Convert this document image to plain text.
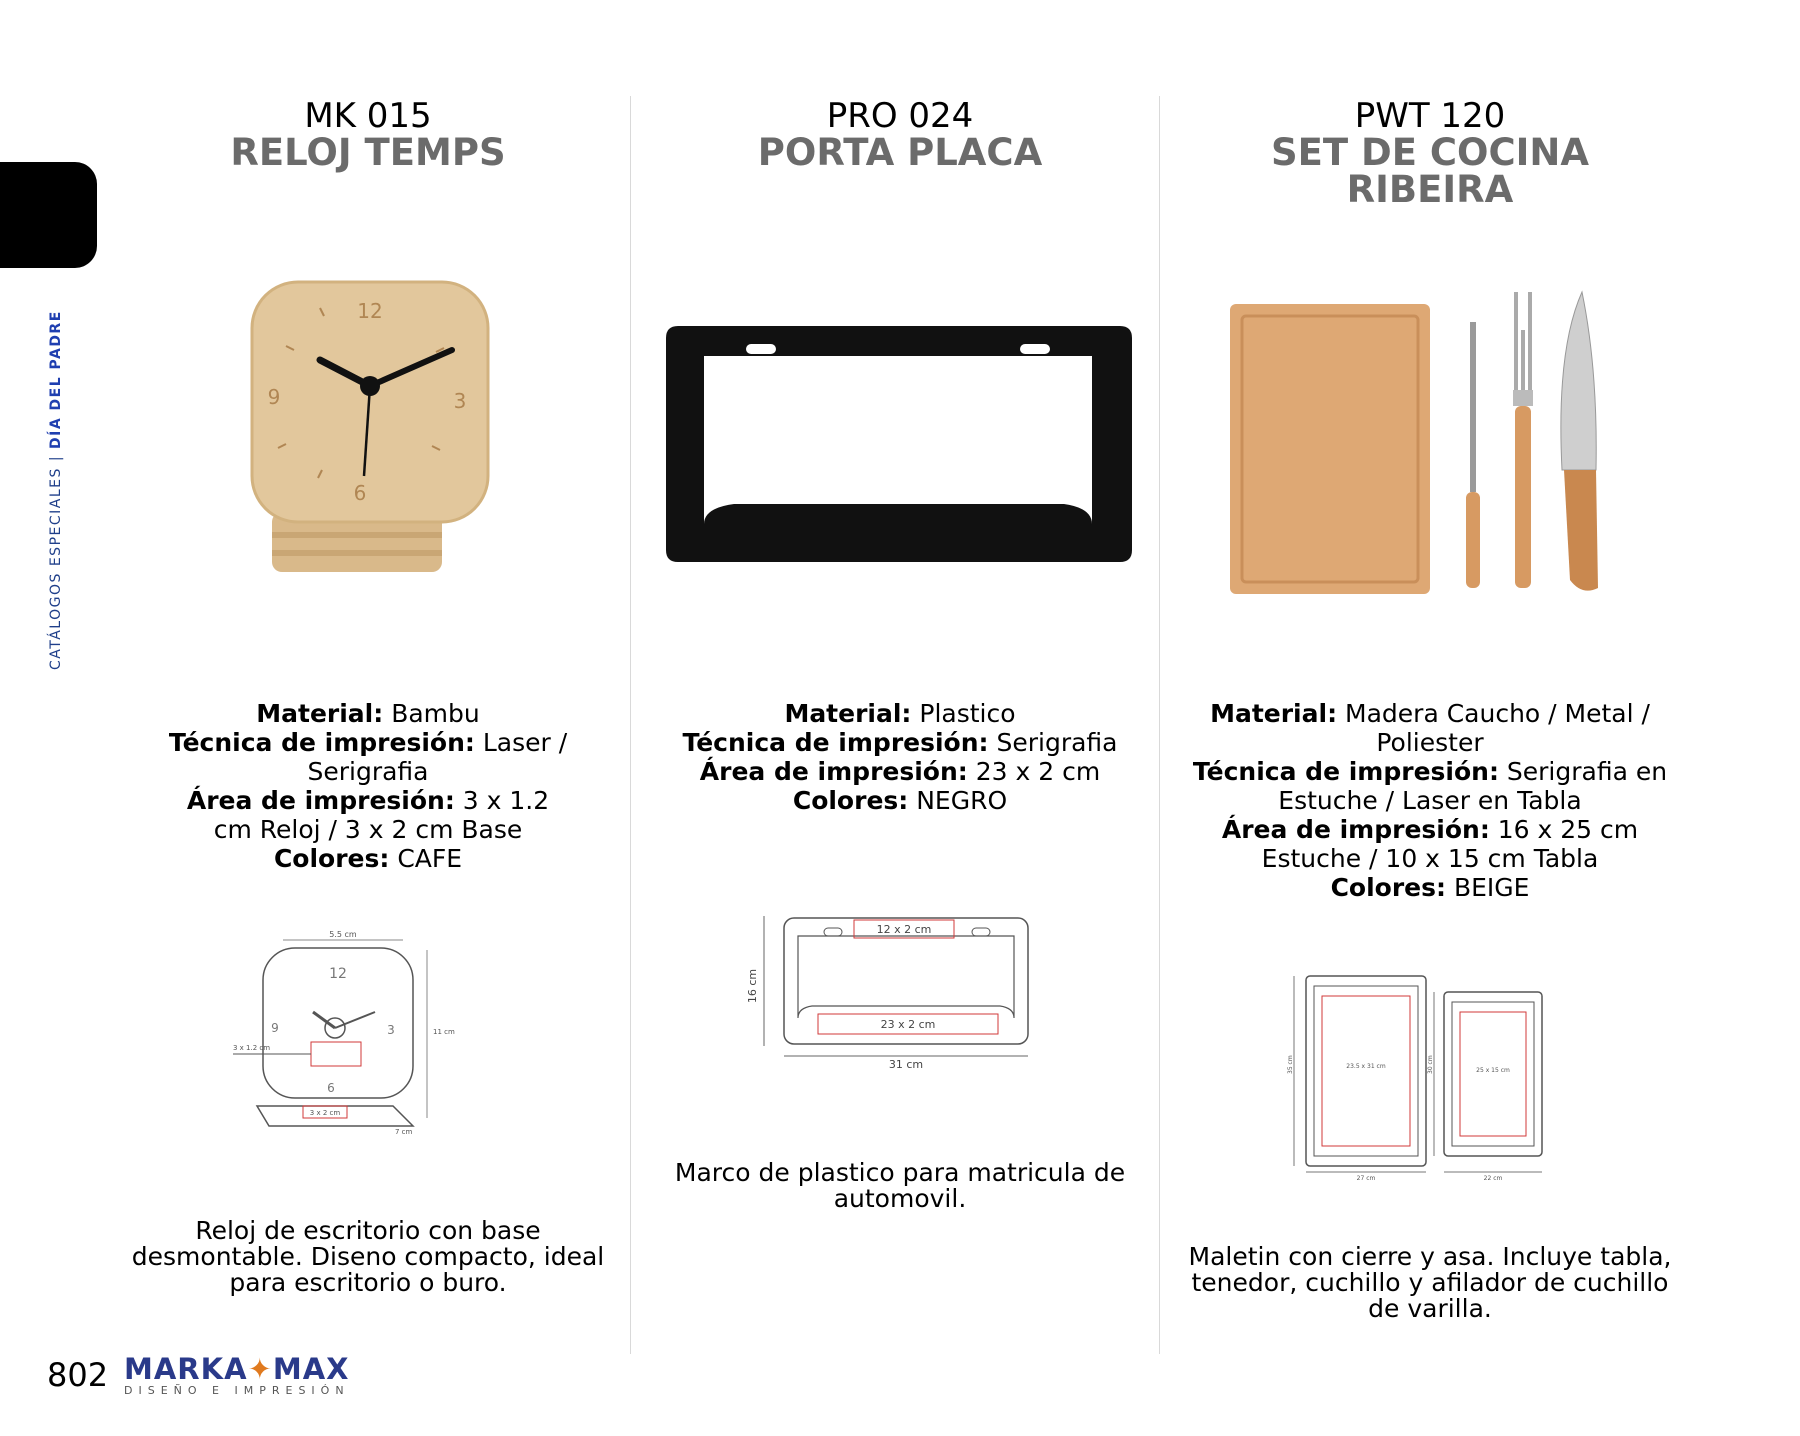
CATÁLOGOS ESPECIALES | DÍA DEL PADRE
MK 015
RELOJ TEMPS
12
9	3
6
Material: Bambu
Técnica de impresión: Laser / Serigrafia
Área de impresión: 3 x 1.2 cm Reloj / 3 x 2 cm Base
Colores: CAFE
5.5 cm
12
9	3
6
3 x 1.2 cm
11 cm
3 x 2 cm
7 cm
Reloj de escritorio con base desmontable. Diseno compacto, ideal para escritorio o buro.
PRO 024
PORTA PLACA
Material: Plastico
Técnica de impresión: Serigrafia
Área de impresión: 23 x 2 cm
Colores: NEGRO
16 cm
12 x 2 cm
23 x 2 cm
31 cm
Marco de plastico para matricula de automovil.
PWT 120
SET DE COCINA
RIBEIRA
Material: Madera Caucho / Metal / Poliester
Técnica de impresión: Serigrafia en Estuche / Laser en Tabla
Área de impresión: 16 x 25 cm Estuche / 10 x 15 cm Tabla
Colores: BEIGE
23.5 x 31 cm
35 cm	25 x 15 cm
30 cm
27 cm	22 cm
Maletin con cierre y asa. Incluye tabla, tenedor, cuchillo y afilador de cuchillo de varilla.
802 MARKA✦MAX
DISEÑO E IMPRESIÓN
